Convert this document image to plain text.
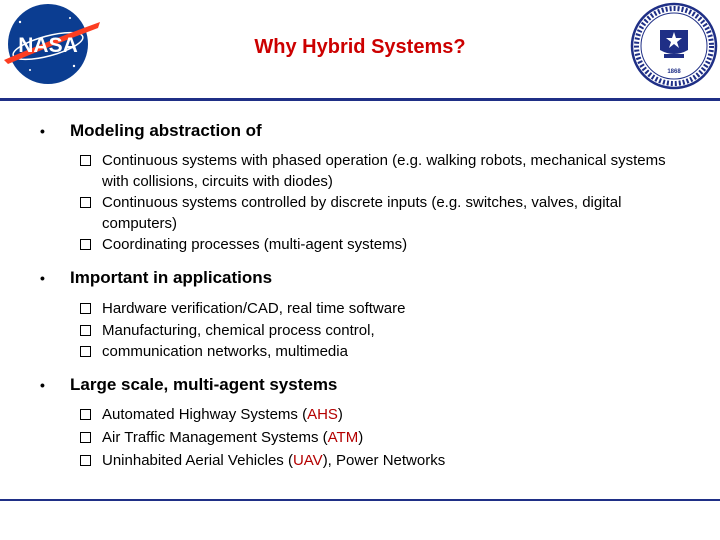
NASA
1868
Why Hybrid Systems?
• Modeling abstraction of
Continuous systems with phased operation (e.g. walking robots, mechanical systems with collisions, circuits with diodes)
Continuous systems controlled by discrete inputs (e.g. switches, valves, digital computers)
Coordinating processes (multi-agent systems)
• Important in applications
Hardware verification/CAD, real time software
Manufacturing, chemical process control,
communication networks, multimedia
• Large scale, multi-agent systems
Automated Highway Systems (AHS)
Air Traffic Management Systems (ATM)
Uninhabited Aerial Vehicles (UAV), Power Networks
